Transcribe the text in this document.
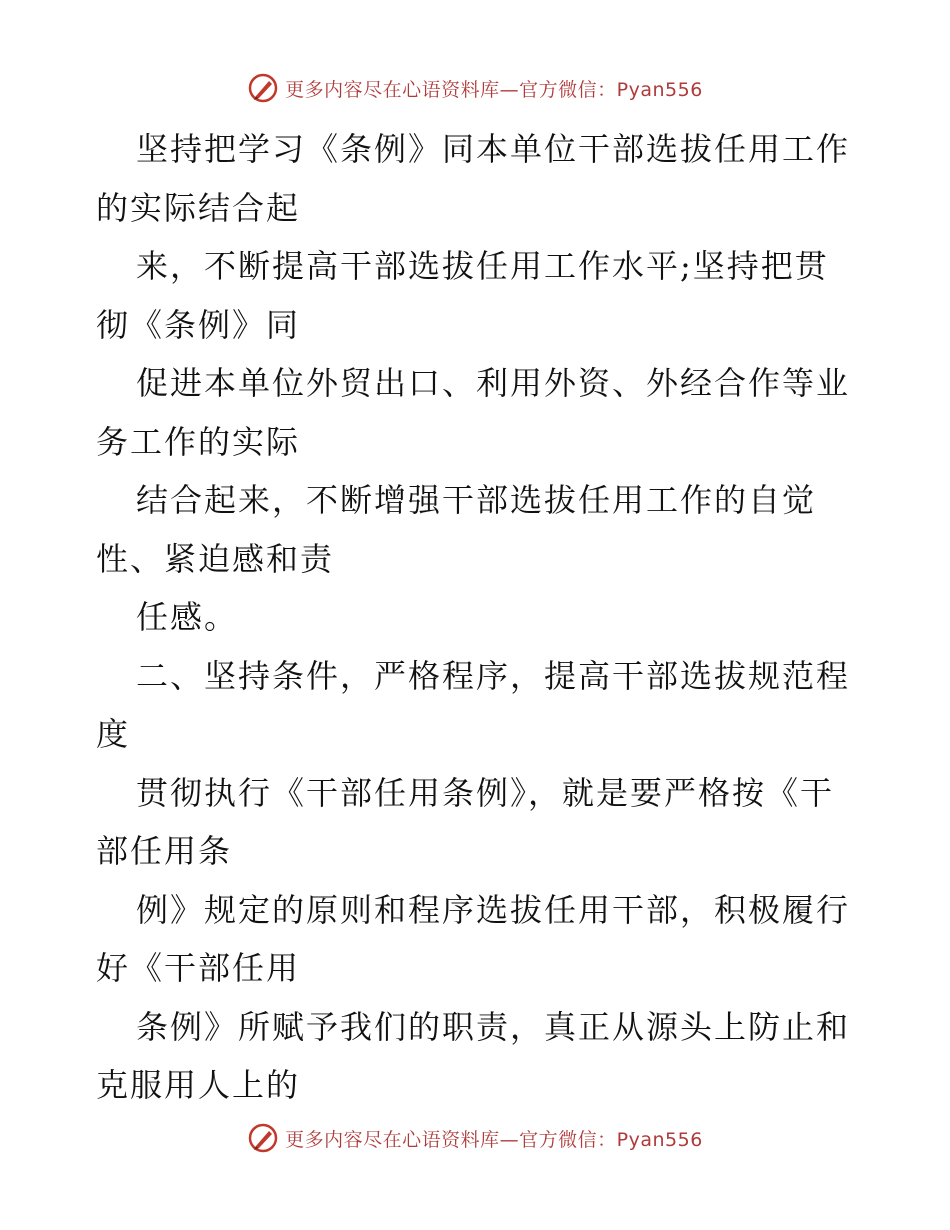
更多内容尽在心语资料库—官方微信：Pyan556
坚持把学习《条例》同本单位干部选拔任用工作
的实际结合起
来，不断提高干部选拔任用工作水平;坚持把贯
彻《条例》同
促进本单位外贸出口、利用外资、外经合作等业
务工作的实际
结合起来，不断增强干部选拔任用工作的自觉
性、紧迫感和责
任感。
二、坚持条件，严格程序，提高干部选拔规范程
度
贯彻执行《干部任用条例》，就是要严格按《干
部任用条
例》规定的原则和程序选拔任用干部，积极履行
好《干部任用
条例》所赋予我们的职责，真正从源头上防止和
克服用人上的
更多内容尽在心语资料库—官方微信：Pyan556
